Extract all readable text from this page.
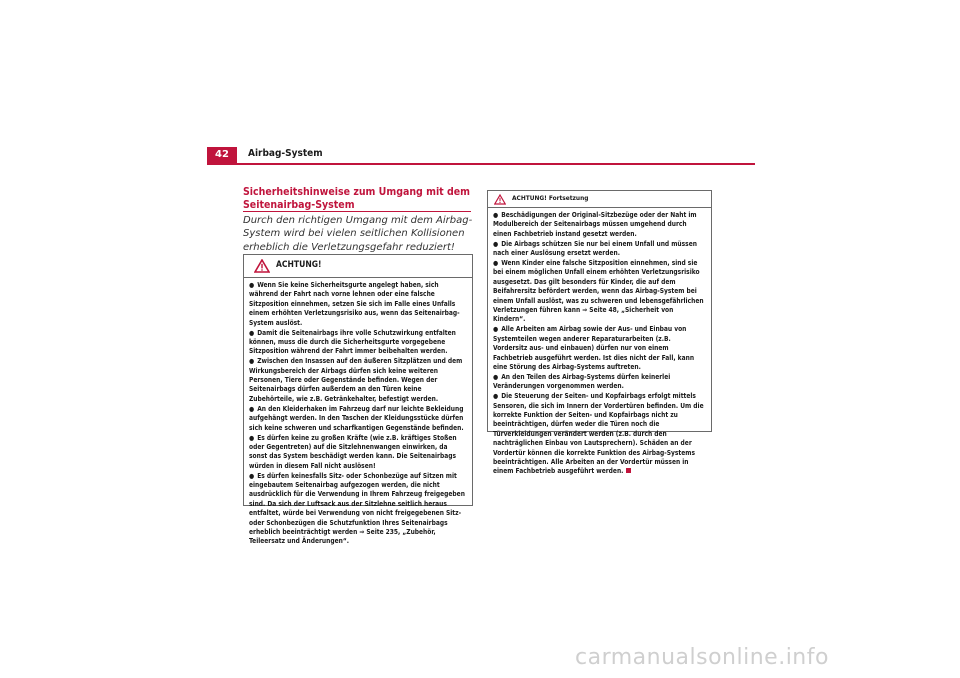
42	Airbag-System
Sicherheitshinweise zum Umgang mit dem Seitenairbag-System
Durch den richtigen Umgang mit dem Airbag-System wird bei vielen seitlichen Kollisionen erheblich die Verletzungsgefahr reduziert!
ACHTUNG!

● Wenn Sie keine Sicherheitsgurte angelegt haben, sich während der Fahrt nach vorne lehnen oder eine falsche Sitzposition einnehmen, setzen Sie sich im Falle eines Unfalls einem erhöhten Verletzungsrisiko aus, wenn das Seitenairbag-System auslöst.

● Damit die Seitenairbags ihre volle Schutzwirkung entfalten können, muss die durch die Sicherheitsgurte vorgegebene Sitzposition während der Fahrt immer beibehalten werden.

● Zwischen den Insassen auf den äußeren Sitzplätzen und dem Wirkungsbereich der Airbags dürfen sich keine weiteren Personen, Tiere oder Gegenstände befinden. Wegen der Seitenairbags dürfen außerdem an den Türen keine Zubehörteile, wie z.B. Getränkehalter, befestigt werden.

● An den Kleiderhaken im Fahrzeug darf nur leichte Bekleidung aufgehängt werden. In den Taschen der Kleidungsstücke dürfen sich keine schweren und scharfkantigen Gegenstände befinden.

● Es dürfen keine zu großen Kräfte (wie z.B. kräftiges Stoßen oder Gegentreten) auf die Sitzlehnenwangen einwirken, da sonst das System beschädigt werden kann. Die Seitenairbags würden in diesem Fall nicht auslösen!

● Es dürfen keinesfalls Sitz- oder Schonbezüge auf Sitzen mit eingebautem Seitenairbag aufgezogen werden, die nicht ausdrücklich für die Verwendung in Ihrem Fahrzeug freigegeben sind. Da sich der Luftsack aus der Sitzlehne seitlich heraus entfaltet, würde bei Verwendung von nicht freigegebenen Sitz- oder Schonbezügen die Schutzfunktion Ihres Seitenairbags erheblich beeinträchtigt werden ⇒ Seite 235, „Zubehör, Teileersatz und Änderungen“.

ACHTUNG! Fortsetzung

● Beschädigungen der Original-Sitzbezüge oder der Naht im Modulbereich der Seitenairbags müssen umgehend durch einen Fachbetrieb instand gesetzt werden.

● Die Airbags schützen Sie nur bei einem Unfall und müssen nach einer Auslösung ersetzt werden.

● Wenn Kinder eine falsche Sitzposition einnehmen, sind sie bei einem möglichen Unfall einem erhöhten Verletzungsrisiko ausgesetzt. Das gilt besonders für Kinder, die auf dem Beifahrersitz befördert werden, wenn das Airbag-System bei einem Unfall auslöst, was zu schweren und lebensgefährlichen Verletzungen führen kann ⇒ Seite 48, „Sicherheit von Kindern“.

● Alle Arbeiten am Airbag sowie der Aus- und Einbau von Systemteilen wegen anderer Reparaturarbeiten (z.B. Vordersitz aus- und einbauen) dürfen nur von einem Fachbetrieb ausgeführt werden. Ist dies nicht der Fall, kann eine Störung des Airbag-Systems auftreten.

● An den Teilen des Airbag-Systems dürfen keinerlei Veränderungen vorgenommen werden.

● Die Steuerung der Seiten- und Kopfairbags erfolgt mittels Sensoren, die sich im Innern der Vordertüren befinden. Um die korrekte Funktion der Seiten- und Kopfairbags nicht zu beeinträchtigen, dürfen weder die Türen noch die Türverkleidungen verändert werden (z.B. durch den nachträglichen Einbau von Lautsprechern). Schäden an der Vordertür können die korrekte Funktion des Airbag-Systems beeinträchtigen. Alle Arbeiten an der Vordertür müssen in einem Fachbetrieb ausgeführt werden.

carmanualsonline.info
